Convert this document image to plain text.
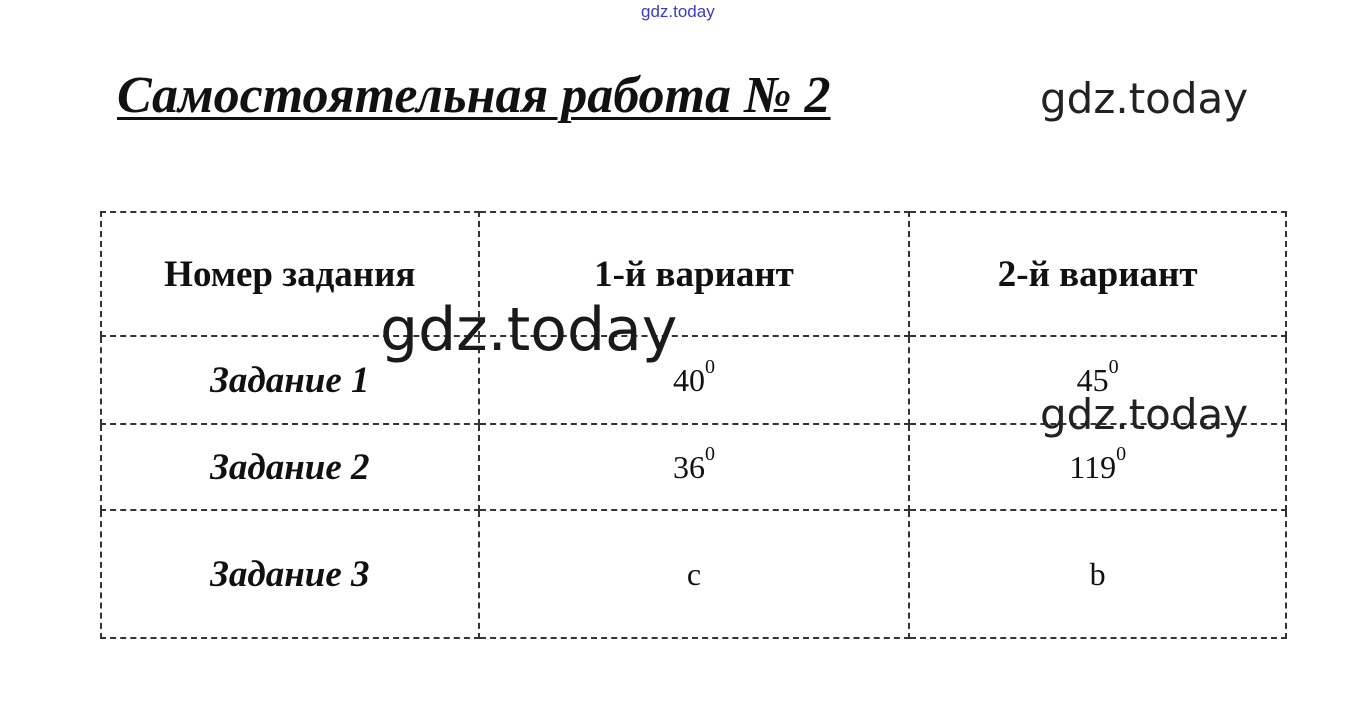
gdz.today
Самостоятельная работа № 2	gdz.today
Номер задания	1-й вариант	2-й вариант
Задание 1	$40^0$	$45^0$
Задание 2	$36^0$	$119^0$
Задание 3	c	b
gdz.today
gdz.today
